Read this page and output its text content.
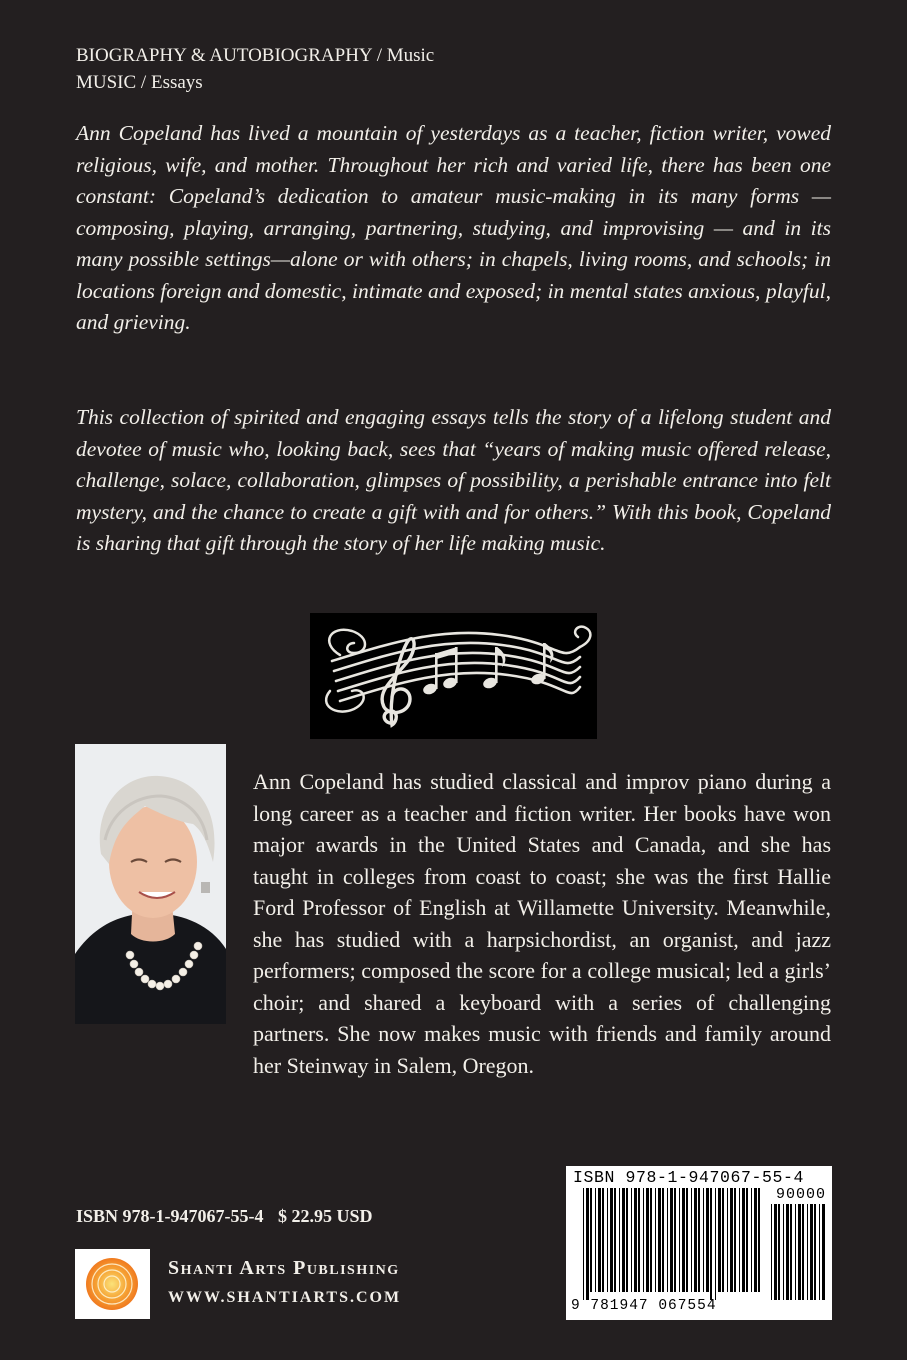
BIOGRAPHY & AUTOBIOGRAPHY / Music
MUSIC / Essays

Ann Copeland has lived a mountain of yesterdays as a teacher, fiction writer, vowed religious, wife, and mother. Throughout her rich and varied life, there has been one constant: Copeland’s dedication to amateur music-making in its many forms — composing, playing, arranging, partnering, studying, and improvising — and in its many possible settings—alone or with others; in chapels, living rooms, and schools; in locations foreign and domestic, intimate and exposed; in mental states anxious, playful, and grieving.

This collection of spirited and engaging essays tells the story of a lifelong student and devotee of music who, looking back, sees that “years of making music offered release, challenge, solace, collaboration, glimpses of possibility, a perishable entrance into felt mystery, and the chance to create a gift with and for others.” With this book, Copeland is sharing that gift through the story of her life making music.

Ann Copeland has studied classical and improv piano during a long career as a teacher and fiction writer. Her books have won major awards in the United States and Canada, and she has taught in colleges from coast to coast; she was the first Hallie Ford Professor of English at Willamette University. Meanwhile, she has studied with a harpsichordist, an organist, and jazz performers; composed the score for a college musical; led a girls’ choir; and shared a keyboard with a series of challenging partners. She now makes music with friends and family around her Steinway in Salem, Oregon.

ISBN 978-1-947067-55-4 $ 22.95 USD
Shanti Arts Publishing
WWW.SHANTIARTS.COM
ISBN 978-1-947067-55-4
90000
9 781947 067554
